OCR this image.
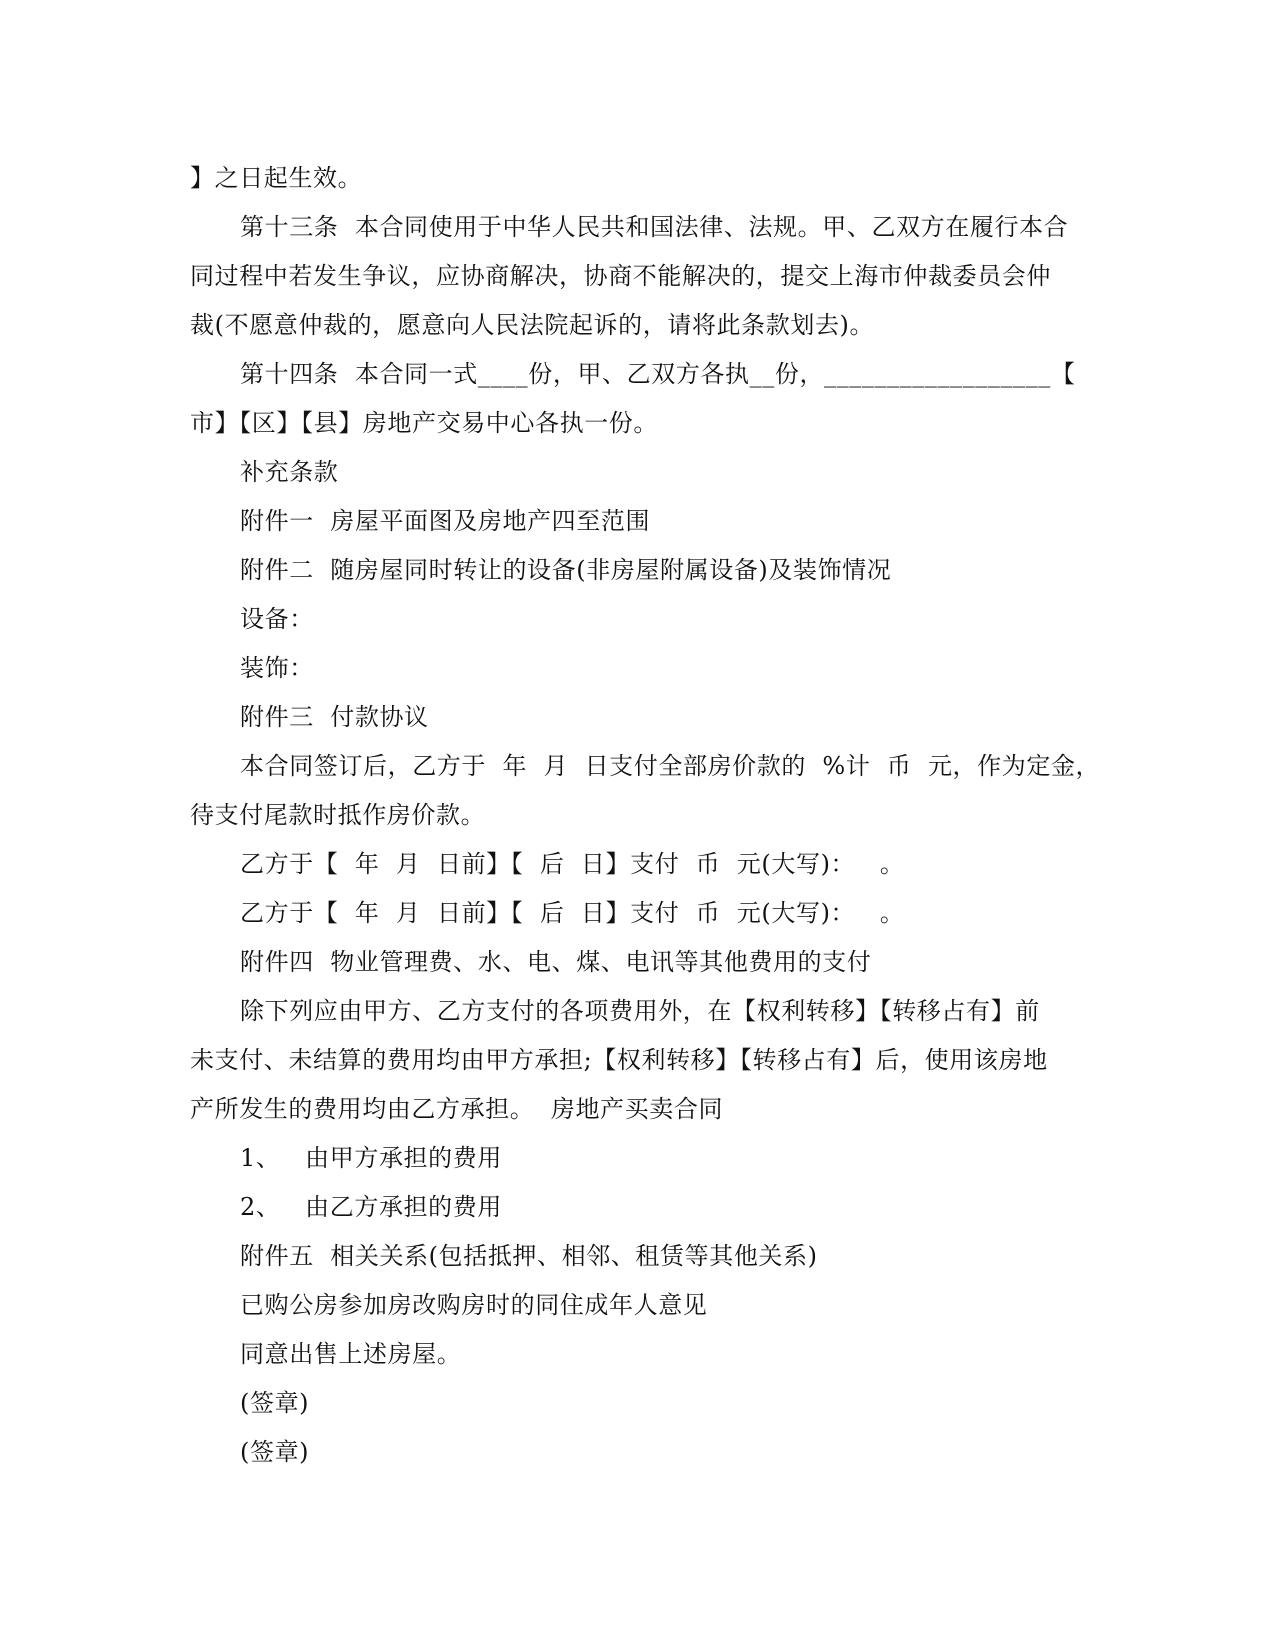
】之日起生效。
第十三条  本合同使用于中华人民共和国法律、法规。甲、乙双方在履行本合
同过程中若发生争议，应协商解决，协商不能解决的，提交上海市仲裁委员会仲
裁(不愿意仲裁的，愿意向人民法院起诉的，请将此条款划去)。
第十四条  本合同一式____份，甲、乙双方各执__份，__________________【
市】【区】【县】房地产交易中心各执一份。
补充条款
附件一  房屋平面图及房地产四至范围
附件二  随房屋同时转让的设备(非房屋附属设备)及装饰情况
设备：
装饰：
附件三  付款协议
本合同签订后，乙方于  年  月  日支付全部房价款的  %计  币  元，作为定金，
待支付尾款时抵作房价款。
乙方于【  年  月  日前】【  后  日】支付  币  元(大写)：   。
乙方于【  年  月  日前】【  后  日】支付  币  元(大写)：   。
附件四  物业管理费、水、电、煤、电讯等其他费用的支付
除下列应由甲方、乙方支付的各项费用外，在【权利转移】【转移占有】前
未支付、未结算的费用均由甲方承担;【权利转移】【转移占有】后，使用该房地
产所发生的费用均由乙方承担。  房地产买卖合同
1、   由甲方承担的费用
2、   由乙方承担的费用
附件五  相关关系(包括抵押、相邻、租赁等其他关系)
已购公房参加房改购房时的同住成年人意见
同意出售上述房屋。
(签章)
(签章)
